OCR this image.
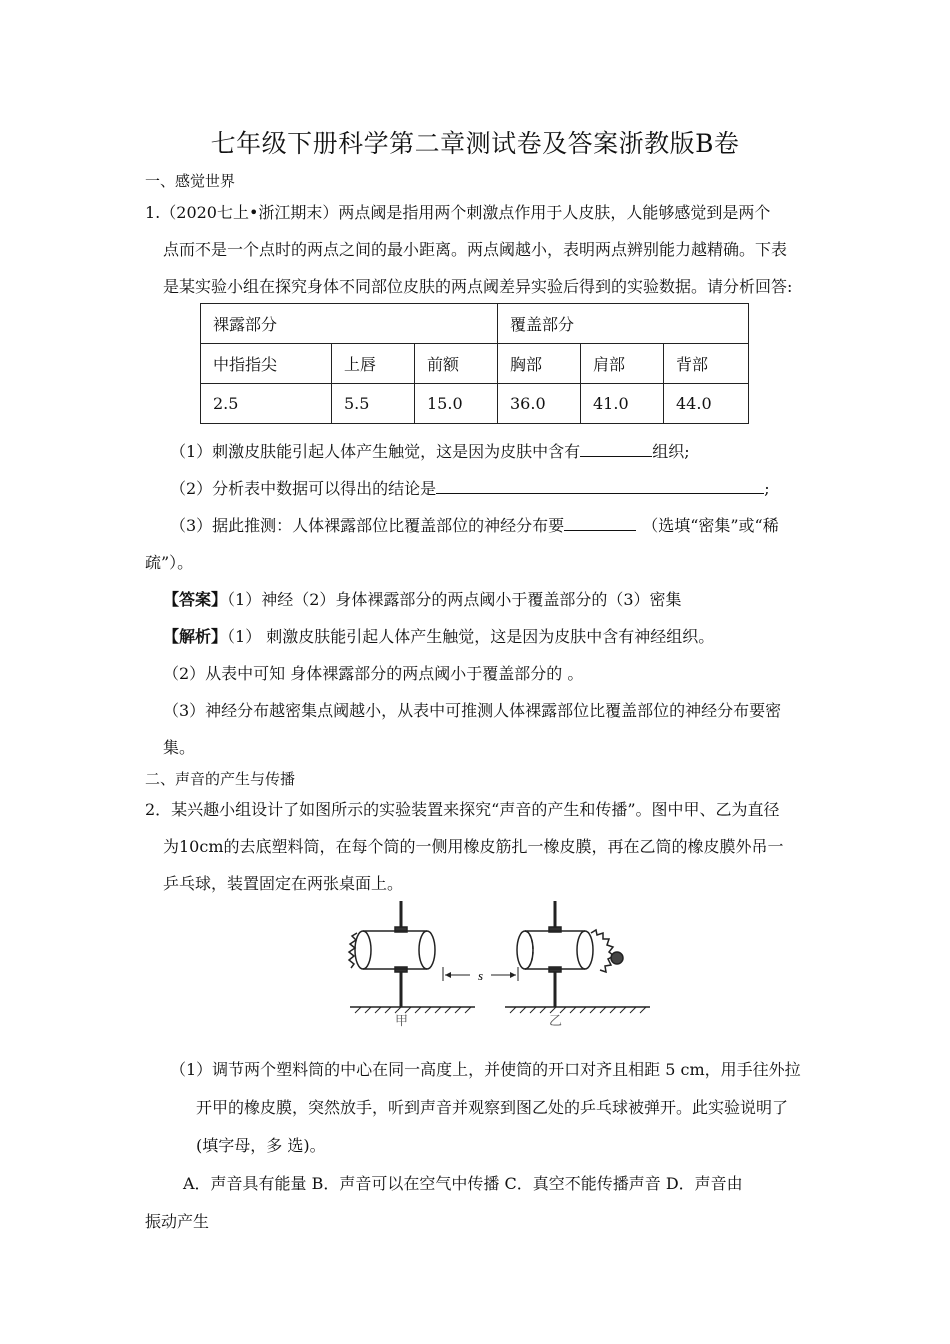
七年级下册科学第二章测试卷及答案浙教版B卷
一、感觉世界
1.（2020七上•浙江期末）两点阈是指用两个刺激点作用于人皮肤，人能够感觉到是两个
点而不是一个点时的两点之间的最小距离。两点阈越小，表明两点辨别能力越精确。下表
是某实验小组在探究身体不同部位皮肤的两点阈差异实验后得到的实验数据。请分析回答:
裸露部分			覆盖部分		
中指指尖	上唇	前额	胸部	肩部	背部
2.5	5.5	15.0	36.0	41.0	44.0
（1）刺激皮肤能引起人体产生触觉，这是因为皮肤中含有	组织;
（2）分析表中数据可以得出的结论是	;
（3）据此推测：人体裸露部位比覆盖部位的神经分布要	（选填“密集”或“稀
疏”）。
【答案】（1）神经（2）身体裸露部分的两点阈小于覆盖部分的（3）密集
【解析】（1） 刺激皮肤能引起人体产生触觉，这是因为皮肤中含有神经组织。
（2）从表中可知 身体裸露部分的两点阈小于覆盖部分的 。
（3）神经分布越密集点阈越小，从表中可推测人体裸露部位比覆盖部位的神经分布要密
集。
二、声音的产生与传播
2．某兴趣小组设计了如图所示的实验装置来探究“声音的产生和传播”。图中甲、乙为直径
为10cm的去底塑料筒，在每个筒的一侧用橡皮筋扎一橡皮膜，再在乙筒的橡皮膜外吊一
乒乓球，装置固定在两张桌面上。
s
甲	乙
（1）调节两个塑料筒的中心在同一高度上，并使筒的开口对齐且相距 5 cm，用手往外拉
开甲的橡皮膜，突然放手，听到声音并观察到图乙处的乒乓球被弹开。此实验说明了
(填字母，多 选)。
A．声音具有能量 B．声音可以在空气中传播 C．真空不能传播声音 D．声音由
振动产生
